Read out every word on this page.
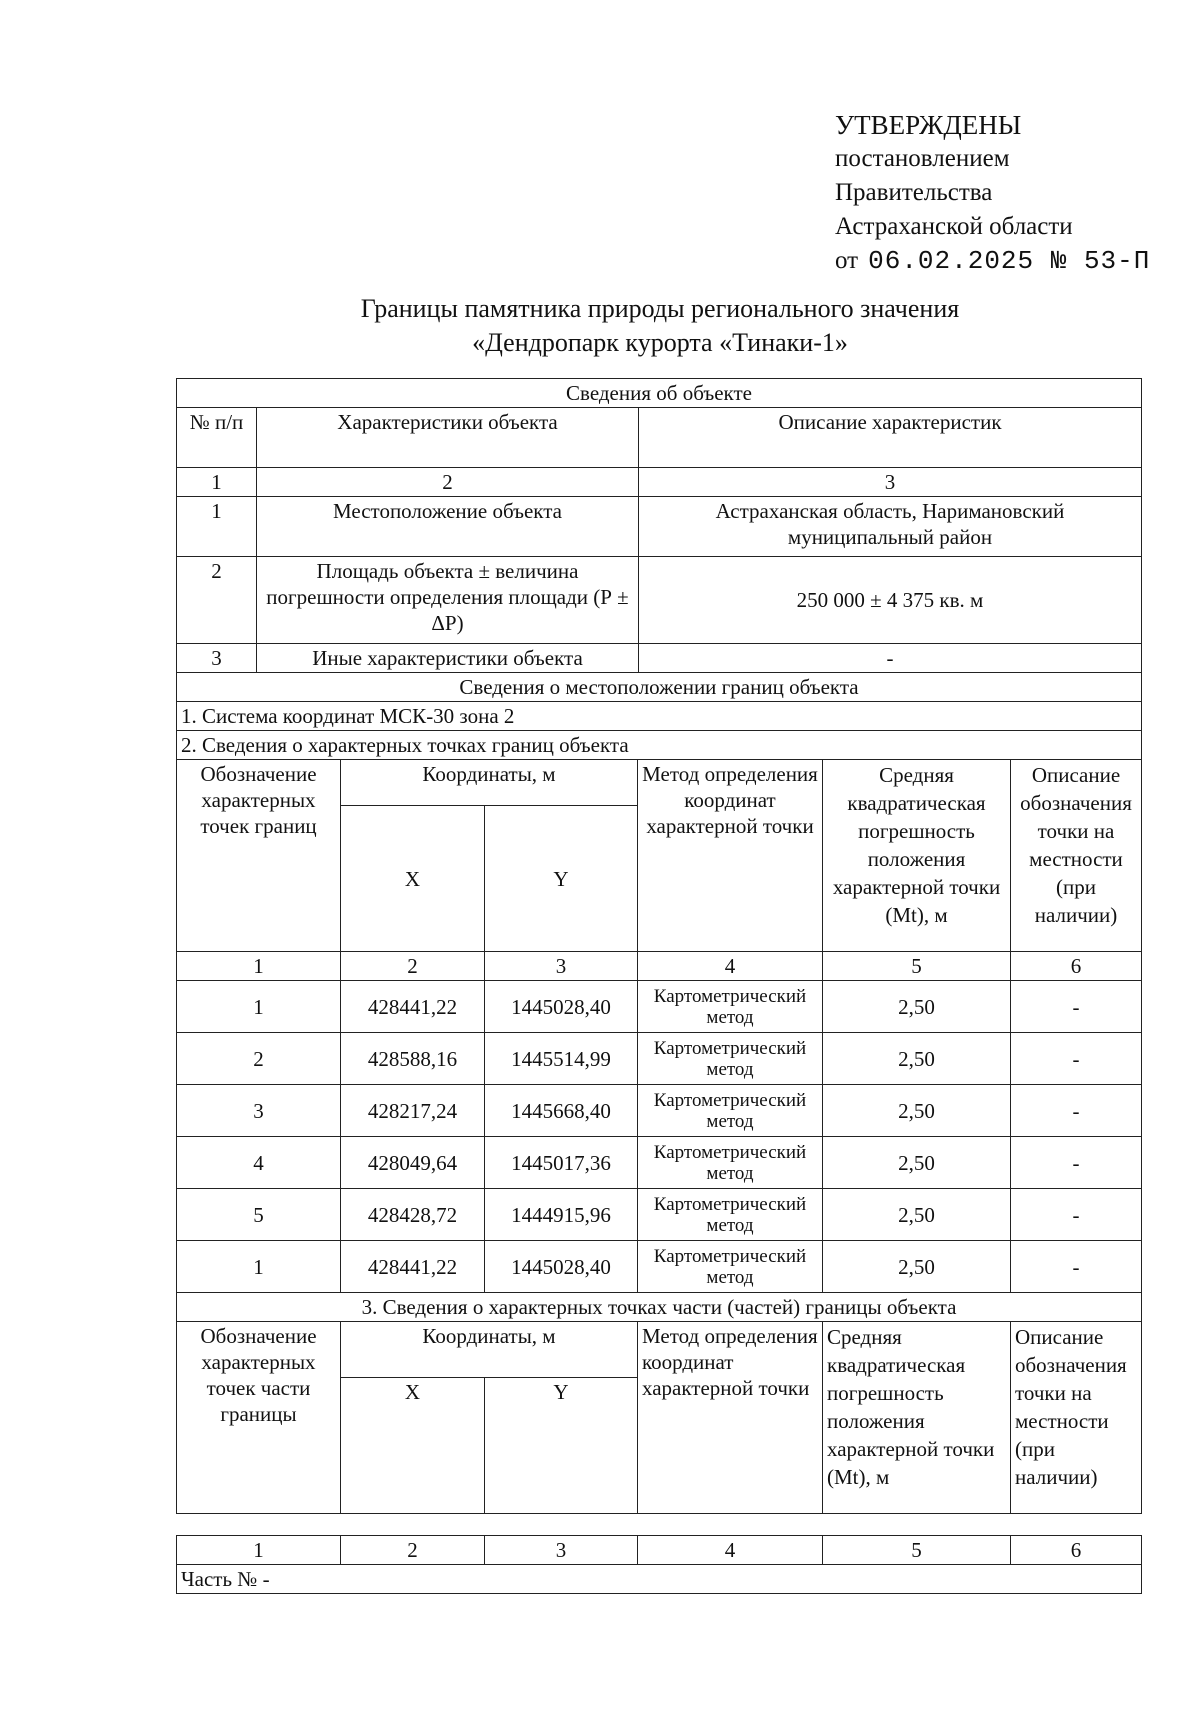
УТВЕРЖДЕНЫ
постановлением
Правительства
Астраханской области
от 06.02.2025 № 53-П
Границы памятника природы регионального значения
«Дендропарк курорта «Тинаки-1»
Сведения об объекте
№ п/п	Характеристики объекта	Описание характеристик
1	2	3
1	Местоположение объекта	Астраханская область, Наримановский муниципальный район
2	Площадь объекта ± величина погрешности определения площади (Р ± ΔР)	250 000 ± 4 375 кв. м
3	Иные характеристики объекта	-
Сведения о местоположении границ объекта					
1. Система координат МСК-30 зона 2					
2. Сведения о характерных точках границ объекта					
Обозначение характерных точек границ	Координаты, м		Метод определения координат характерной точки	Средняя квадратическая погрешность положения характерной точки (Mt), м	Описание обозначения точки на местности (при наличии)
	X	Y			
1	2	3	4	5	6
1	428441,22	1445028,40	Картометрический метод	2,50	-
2	428588,16	1445514,99	Картометрический метод	2,50	-
3	428217,24	1445668,40	Картометрический метод	2,50	-
4	428049,64	1445017,36	Картометрический метод	2,50	-
5	428428,72	1444915,96	Картометрический метод	2,50	-
1	428441,22	1445028,40	Картометрический метод	2,50	-
3. Сведения о характерных точках части (частей) границы объекта					
Обозначение характерных точек части границы	Координаты, м		Метод определения координат характерной точки	Средняя квадратическая погрешность положения характерной точки (Mt), м	Описание обозначения точки на местности (при наличии)
	X	Y			
1	2	3	4	5	6
Часть № -
